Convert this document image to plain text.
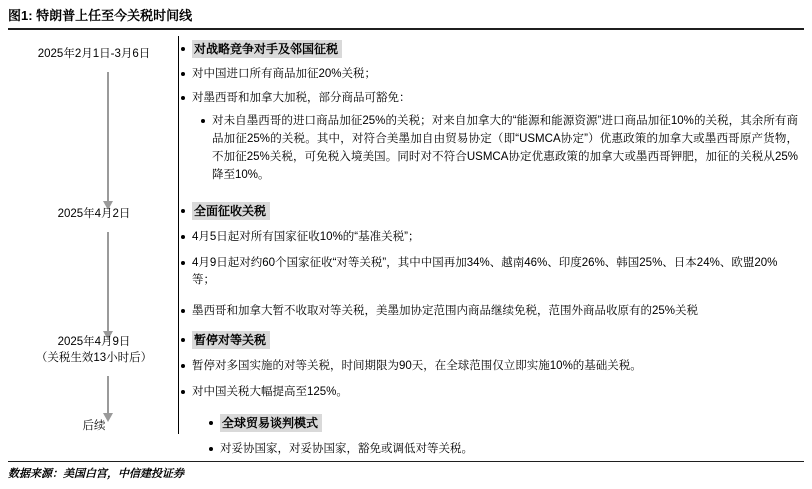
图1: 特朗普上任至今关税时间线
2025年2月1日-3月6日
2025年4月2日
2025年4月9日
（关税生效13小时后）
后续
对战略竞争对手及邻国征税
对中国进口所有商品加征20%关税；
对墨西哥和加拿大加税，部分商品可豁免：
对未自墨西哥的进口商品加征25%的关税；对来自加拿大的“能源和能源资源”进口商品加征10%的关税，其余所有商品加征25%的关税。其中，对符合美墨加自由贸易协定（即“USMCA协定”）优惠政策的加拿大或墨西哥原产货物，不加征25%关税，可免税入境美国。同时对不符合USMCA协定优惠政策的加拿大或墨西哥钾肥，加征的关税从25%降至10%。
全面征收关税
4月5日起对所有国家征收10%的“基准关税”；
4月9日起对约60个国家征收“对等关税”，其中中国再加34%、越南46%、印度26%、韩国25%、日本24%、欧盟20%等；
墨西哥和加拿大暂不收取对等关税，美墨加协定范围内商品继续免税，范围外商品收原有的25%关税
暂停对等关税
暂停对多国实施的对等关税，时间期限为90天，在全球范围仅立即实施10%的基础关税。
对中国关税大幅提高至125%。
全球贸易谈判模式
对妥协国家，对妥协国家，豁免或调低对等关税。
数据来源：美国白宫，中信建投证券
